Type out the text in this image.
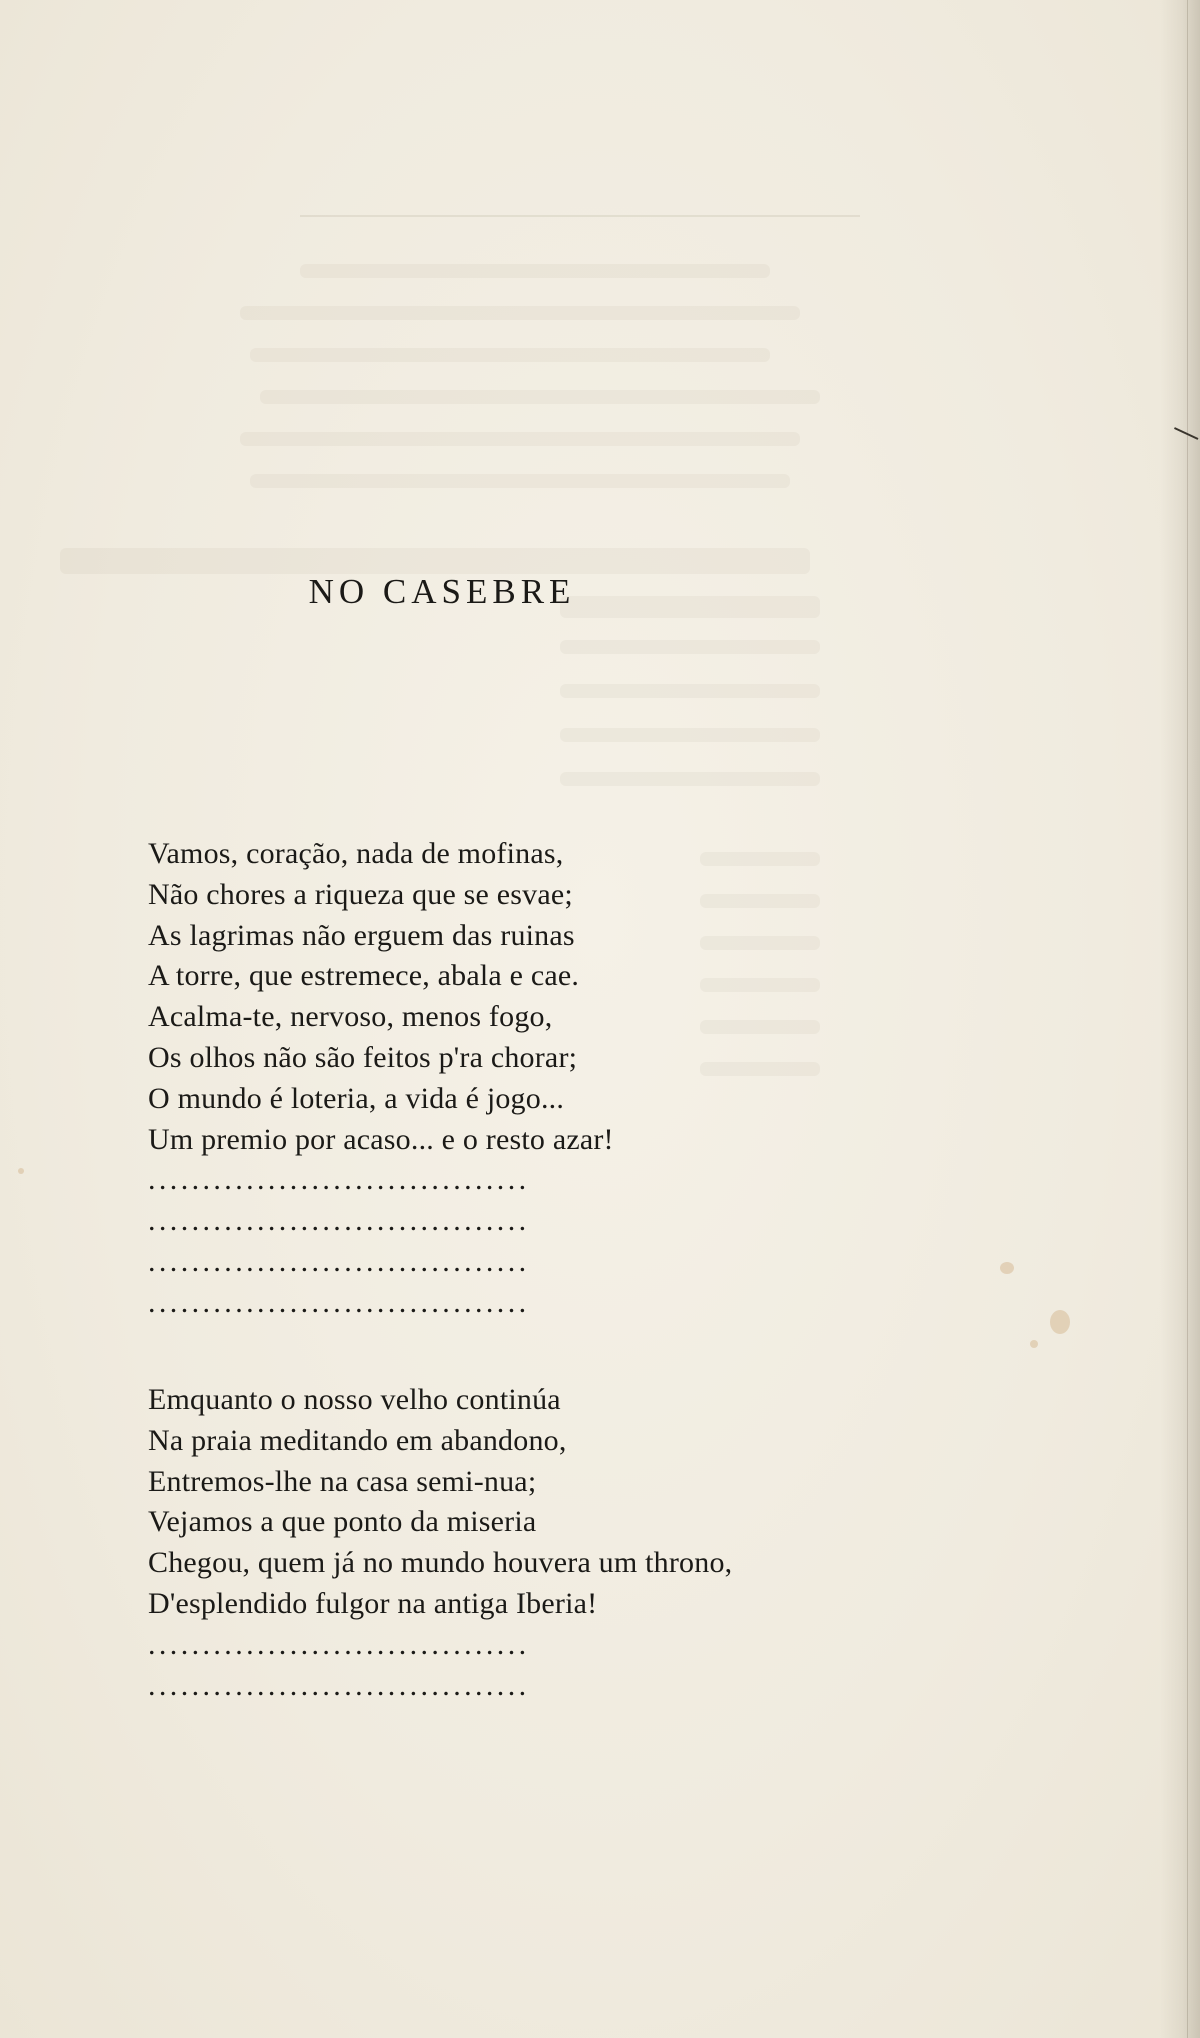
NO CASEBRE
Vamos, coração, nada de mofinas,
Não chores a riqueza que se esvae;
As lagrimas não erguem das ruinas
A torre, que estremece, abala e cae.
Acalma-te, nervoso, menos fogo,
Os olhos não são feitos p'ra chorar;
O mundo é loteria, a vida é jogo...
Um premio por acaso... e o resto azar!
...................................
...................................
...................................
...................................
Emquanto o nosso velho continúa
Na praia meditando em abandono,
Entremos-lhe na casa semi-nua;
Vejamos a que ponto da miseria
Chegou, quem já no mundo houvera um throno,
D'esplendido fulgor na antiga Iberia!
...................................
...................................
